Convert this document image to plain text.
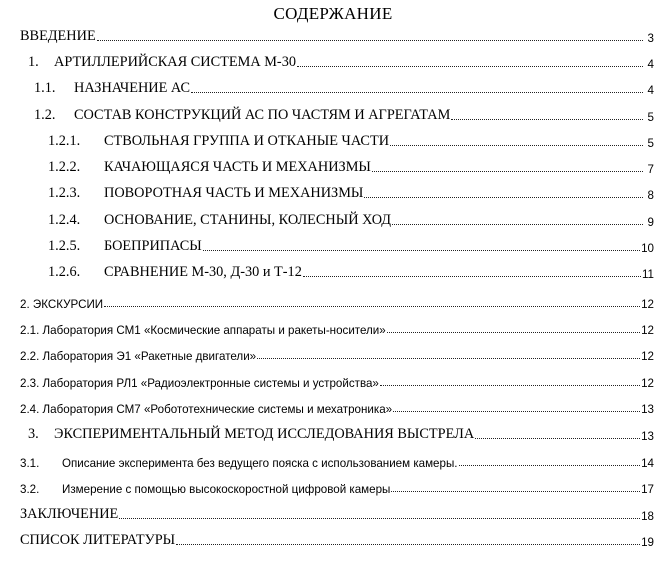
СОДЕРЖАНИЕ
ВВЕДЕНИЕ	3
1.	АРТИЛЛЕРИЙСКАЯ СИСТЕМА М-30	4
1.1.	НАЗНАЧЕНИЕ АС	4
1.2.	СОСТАВ КОНСТРУКЦИЙ АС ПО ЧАСТЯМ И АГРЕГАТАМ	5
1.2.1.	СТВОЛЬНАЯ ГРУППА И ОТКАНЫЕ ЧАСТИ	5
1.2.2.	КАЧАЮЩАЯСЯ ЧАСТЬ И МЕХАНИЗМЫ	7
1.2.3.	ПОВОРОТНАЯ ЧАСТЬ И МЕХАНИЗМЫ	8
1.2.4.	ОСНОВАНИЕ, СТАНИНЫ, КОЛЕСНЫЙ ХОД	9
1.2.5.	БОЕПРИПАСЫ	10
1.2.6.	СРАВНЕНИЕ М-30, Д-30 и Т-12	11
2. ЭКСКУРСИИ	12
2.1. Лаборатория СМ1 «Космические аппараты и ракеты-носители»	12
2.2. Лаборатория Э1 «Ракетные двигатели»	12
2.3. Лаборатория РЛ1 «Радиоэлектронные системы и устройства»	12
2.4. Лаборатория СМ7 «Робототехнические системы и мехатроника»	13
3.	ЭКСПЕРИМЕНТАЛЬНЫЙ МЕТОД ИССЛЕДОВАНИЯ ВЫСТРЕЛА	13
3.1.	Описание эксперимента без ведущего пояска с использованием камеры.	14
3.2.	Измерение с помощью высокоскоростной цифровой камеры	17
ЗАКЛЮЧЕНИЕ	18
СПИСОК ЛИТЕРАТУРЫ	19
